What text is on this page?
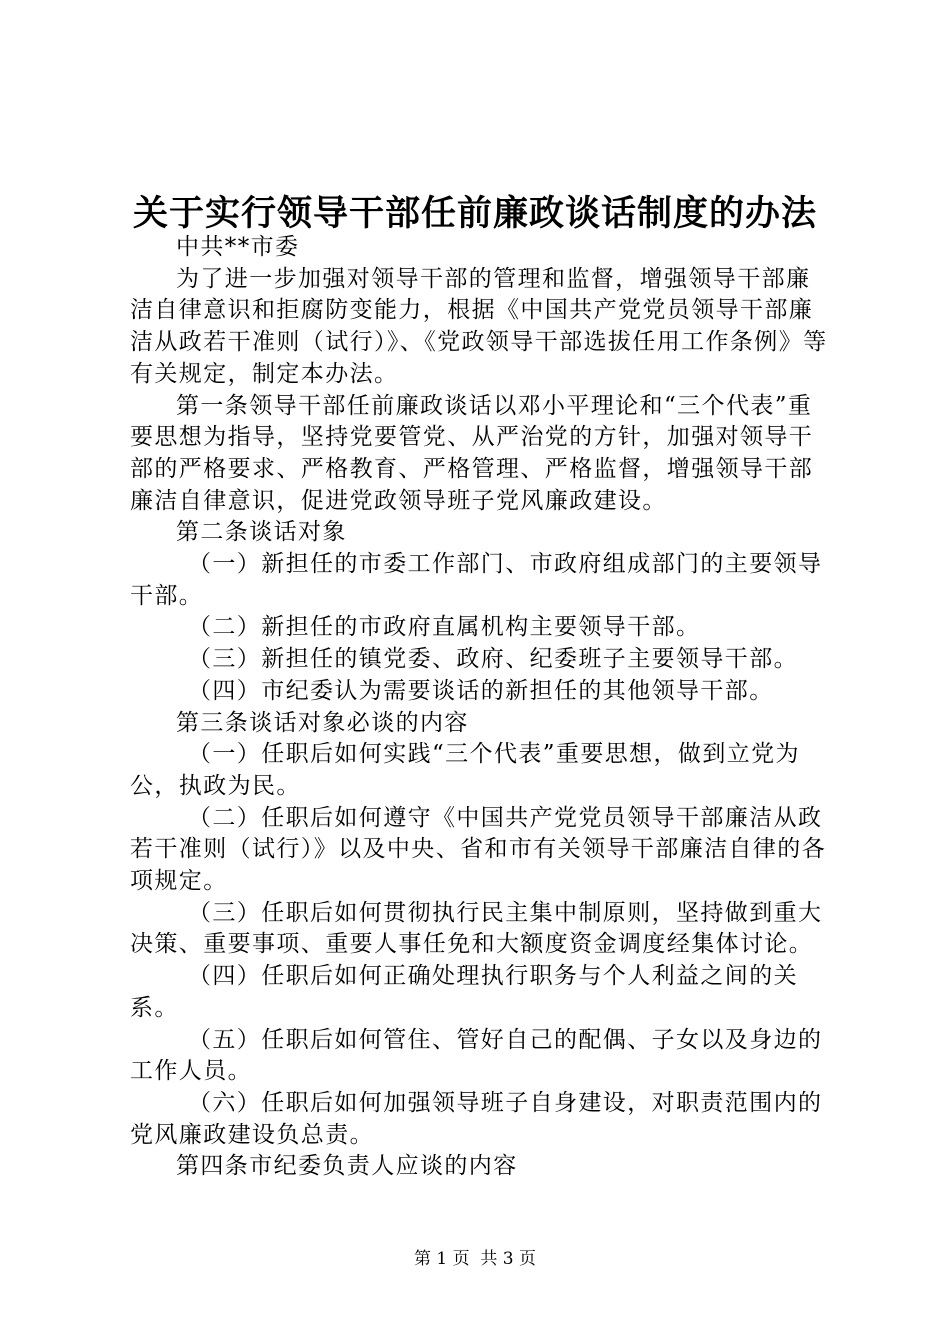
关于实行领导干部任前廉政谈话制度的办法

中共**市委

为了进一步加强对领导干部的管理和监督，增强领导干部廉洁自律意识和拒腐防变能力，根据《中国共产党党员领导干部廉洁从政若干准则（试行）》、《党政领导干部选拔任用工作条例》等有关规定，制定本办法。

第一条领导干部任前廉政谈话以邓小平理论和“三个代表”重要思想为指导，坚持党要管党、从严治党的方针，加强对领导干部的严格要求、严格教育、严格管理、严格监督，增强领导干部廉洁自律意识，促进党政领导班子党风廉政建设。

第二条谈话对象

（一）新担任的市委工作部门、市政府组成部门的主要领导干部。

（二）新担任的市政府直属机构主要领导干部。

（三）新担任的镇党委、政府、纪委班子主要领导干部。

（四）市纪委认为需要谈话的新担任的其他领导干部。

第三条谈话对象必谈的内容

（一）任职后如何实践“三个代表”重要思想，做到立党为公，执政为民。

（二）任职后如何遵守《中国共产党党员领导干部廉洁从政若干准则（试行）》以及中央、省和市有关领导干部廉洁自律的各项规定。

（三）任职后如何贯彻执行民主集中制原则，坚持做到重大决策、重要事项、重要人事任免和大额度资金调度经集体讨论。

（四）任职后如何正确处理执行职务与个人利益之间的关系。

（五）任职后如何管住、管好自己的配偶、子女以及身边的工作人员。

（六）任职后如何加强领导班子自身建设，对职责范围内的党风廉政建设负总责。

第四条市纪委负责人应谈的内容

第 1 页  共 3 页
